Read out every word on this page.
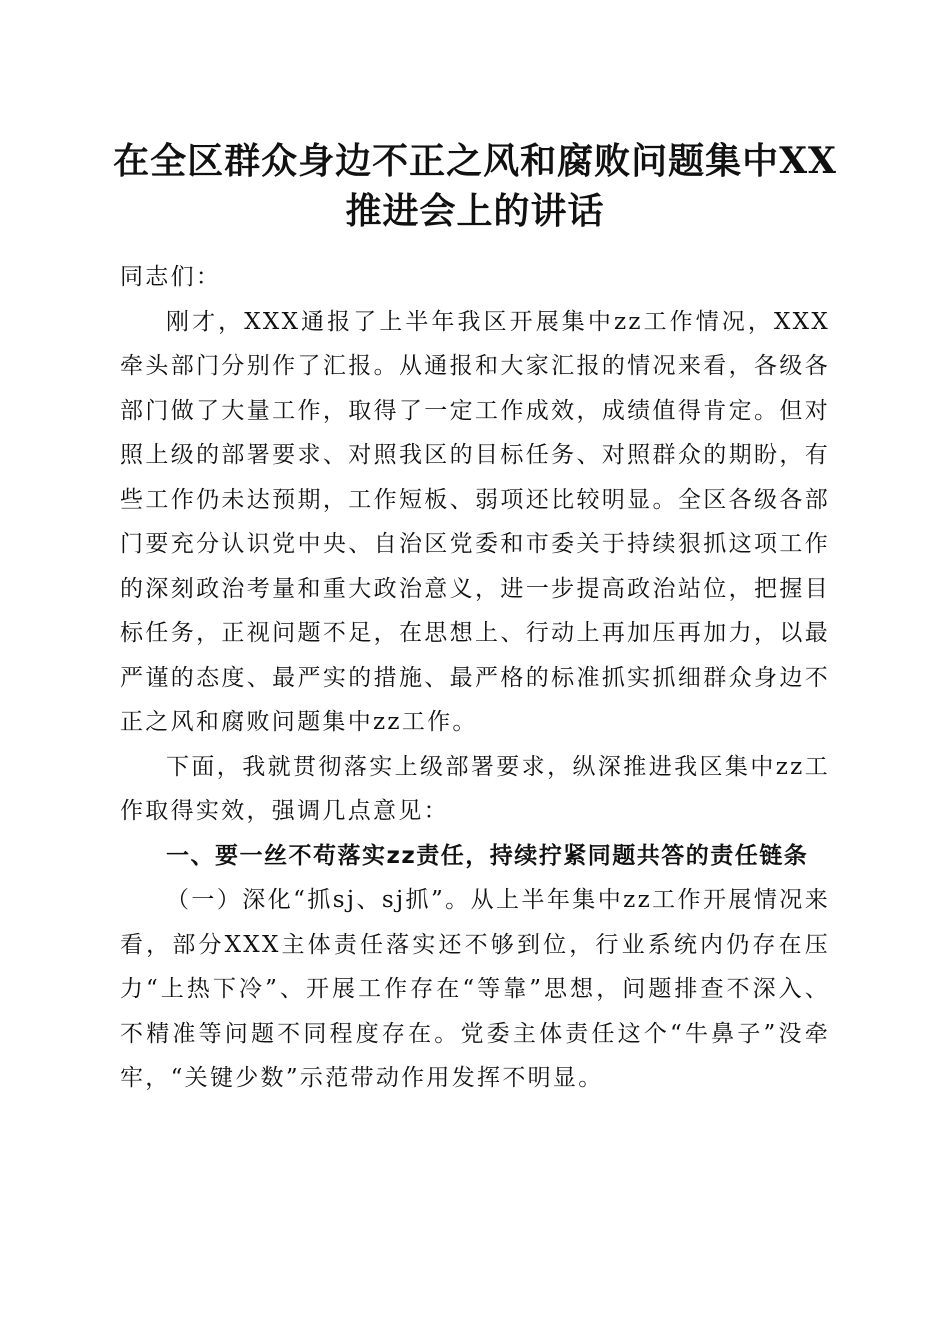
在全区群众身边不正之风和腐败问题集中XX
推进会上的讲话

同志们：

刚才，XXX通报了上半年我区开展集中zz工作情况，XXX牵头部门分别作了汇报。从通报和大家汇报的情况来看，各级各部门做了大量工作，取得了一定工作成效，成绩值得肯定。但对照上级的部署要求、对照我区的目标任务、对照群众的期盼，有些工作仍未达预期，工作短板、弱项还比较明显。全区各级各部门要充分认识党中央、自治区党委和市委关于持续狠抓这项工作的深刻政治考量和重大政治意义，进一步提高政治站位，把握目标任务，正视问题不足，在思想上、行动上再加压再加力，以最严谨的态度、最严实的措施、最严格的标准抓实抓细群众身边不正之风和腐败问题集中zz工作。

下面，我就贯彻落实上级部署要求，纵深推进我区集中zz工作取得实效，强调几点意见：

一、要一丝不苟落实zz责任，持续拧紧同题共答的责任链条

（一）深化“抓sj、sj抓”。从上半年集中zz工作开展情况来看，部分XXX主体责任落实还不够到位，行业系统内仍存在压力“上热下冷”、开展工作存在“等靠”思想，问题排查不深入、不精准等问题不同程度存在。党委主体责任这个“牛鼻子”没牵牢，“关键少数”示范带动作用发挥不明显。
